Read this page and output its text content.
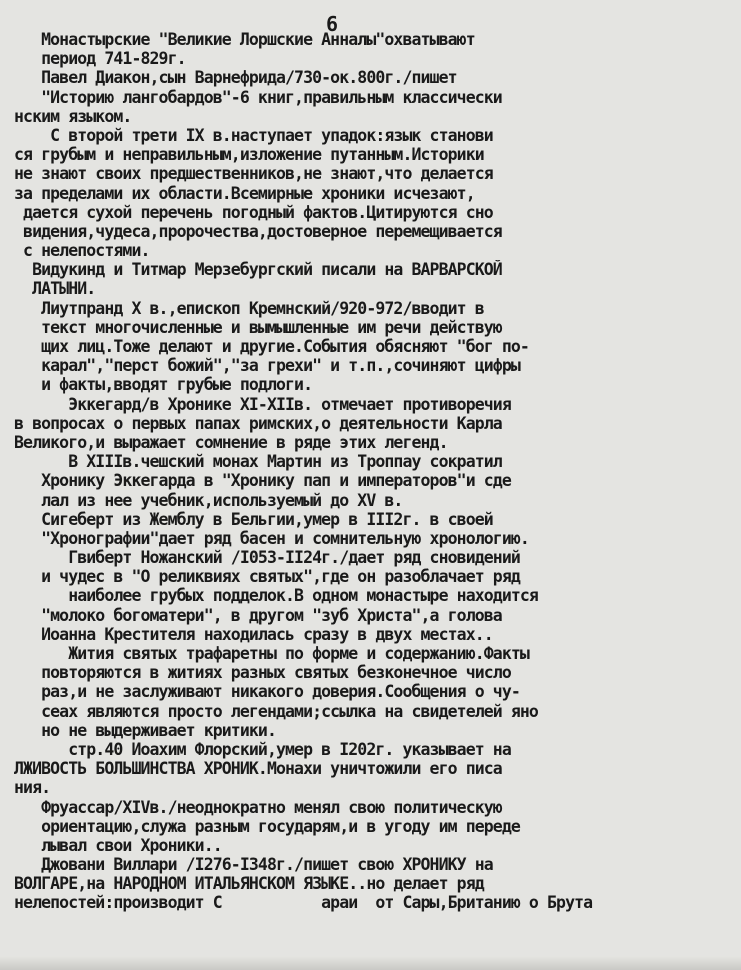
6
Монастырские "Великие Лоршские Анналы"охватывают
период 741-829г.
Павел Диакон,сын Варнефрида/730-ок.800г./пишет
"Историю лангобардов"-6 книг,правильным классически
нским языком.
С второй трети IX в.наступает упадок:язык станови
ся грубым и неправильным,изложение путанным.Историки
не знают своих предшественников,не знают,что делается
за пределами их области.Всемирные хроники исчезают,
дается сухой перечень погодный фактов.Цитируются сно
видения,чудеса,пророчества,достоверное перемещивается
с нелепостями.
Видукинд и Титмар Мерзебургский писали на ВАРВАРСКОЙ
ЛАТЫНИ.
Лиутпранд X в.,епископ Кремнский/920-972/вводит в
текст многочисленные и вымышленные им речи действую
щих лиц.Тоже делают и другие.События обясняют "бог по-
карал","перст божий","за грехи" и т.п.,сочиняют цифры
и факты,вводят грубые подлоги.
Эккегард/в Хронике XI-XIIв. отмечает противоречия
в вопросах о первых папах римских,о деятельности Карла
Великого,и выражает сомнение в ряде этих легенд.
В XIIIв.чешский монах Мартин из Троппау сократил
Хронику Эккегарда в "Хронику пап и императоров"и сде
лал из нее учебник,используемый до XV в.
Сигеберт из Жемблу в Бельгии,умер в III2г. в своей
"Хронографии"дает ряд басен и сомнительную хронологию.
Гвиберт Ножанский /I053-II24г./дает ряд сновидений
и чудес в "О реликвиях святых",где он разоблачает ряд
наиболее грубых подделок.В одном монастыре находится
"молоко богоматери", в другом "зуб Христа",а голова
Иоанна Крестителя находилась сразу в двух местах..
Жития святых трафаретны по форме и содержанию.Факты
повторяются в житиях разных святых безконечное число
раз,и не заслуживают никакого доверия.Сообщения о чу-
сеах являются просто легендами;ссылка на свидетелей яно
но не выдерживает критики.
стр.40 Иоахим Флорский,умер в I202г. указывает на
ЛЖИВОСТЬ БОЛЬШИНСТВА ХРОНИК.Монахи уничтожили его писа
ния.
Фруассар/XIVв./неоднократно менял свою политическую
ориентацию,служа разным государям,и в угоду им переде
лывал свои Хроники..
Джовани Виллари /I276-I348г./пишет свою ХРОНИКУ на
ВОЛГАРЕ,на НАРОДНОМ ИТАЛЬЯНСКОМ ЯЗЫКЕ..но делает ряд
нелепостей:производит С           араи  от Сары,Британию о Брута
